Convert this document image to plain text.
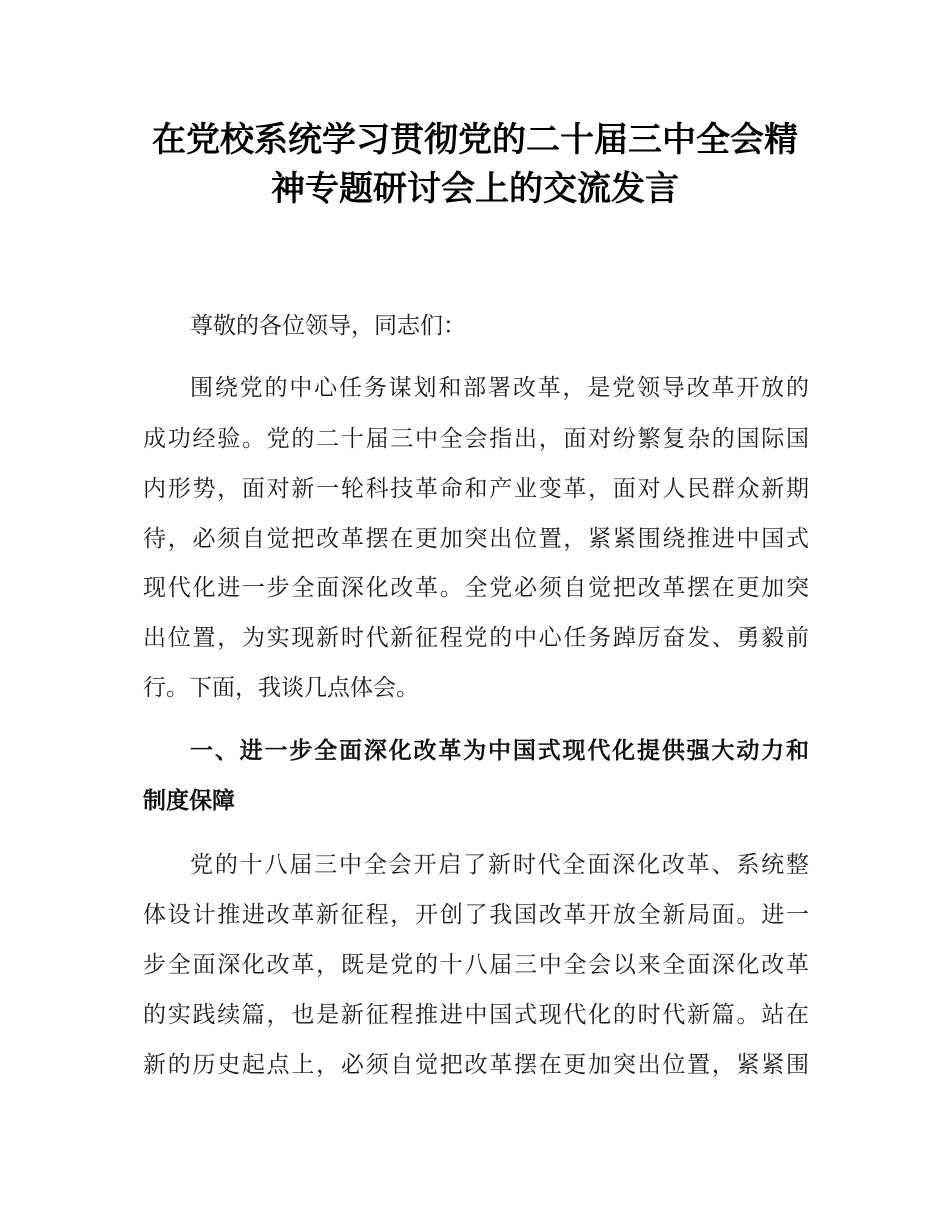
在党校系统学习贯彻党的二十届三中全会精
神专题研讨会上的交流发言
尊敬的各位领导，同志们：
围绕党的中心任务谋划和部署改革，是党领导改革开放的
成功经验。党的二十届三中全会指出，面对纷繁复杂的国际国
内形势，面对新一轮科技革命和产业变革，面对人民群众新期
待，必须自觉把改革摆在更加突出位置，紧紧围绕推进中国式
现代化进一步全面深化改革。全党必须自觉把改革摆在更加突
出位置，为实现新时代新征程党的中心任务踔厉奋发、勇毅前
行。下面，我谈几点体会。
一、进一步全面深化改革为中国式现代化提供强大动力和
制度保障
党的十八届三中全会开启了新时代全面深化改革、系统整
体设计推进改革新征程，开创了我国改革开放全新局面。进一
步全面深化改革，既是党的十八届三中全会以来全面深化改革
的实践续篇，也是新征程推进中国式现代化的时代新篇。站在
新的历史起点上，必须自觉把改革摆在更加突出位置，紧紧围
